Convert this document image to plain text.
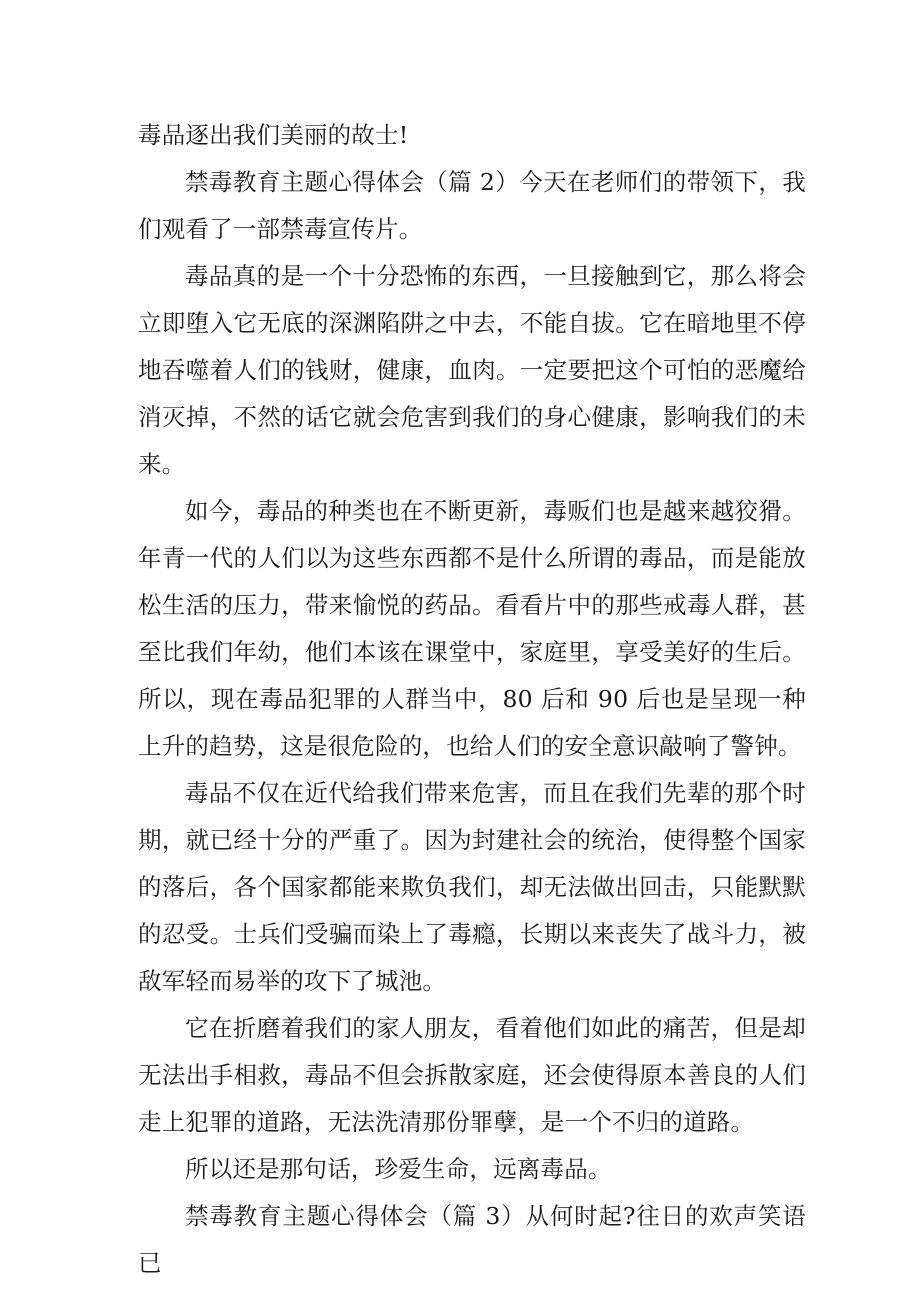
毒品逐出我们美丽的故士!

禁毒教育主题心得体会（篇 2）今天在老师们的带领下，我们观看了一部禁毒宣传片。

毒品真的是一个十分恐怖的东西，一旦接触到它，那么将会立即堕入它无底的深渊陷阱之中去，不能自拔。它在暗地里不停地吞噬着人们的钱财，健康，血肉。一定要把这个可怕的恶魔给消灭掉，不然的话它就会危害到我们的身心健康，影响我们的未来。

如今，毒品的种类也在不断更新，毒贩们也是越来越狡猾。年青一代的人们以为这些东西都不是什么所谓的毒品，而是能放松生活的压力，带来愉悦的药品。看看片中的那些戒毒人群，甚至比我们年幼，他们本该在课堂中，家庭里，享受美好的生后。所以，现在毒品犯罪的人群当中，80 后和 90 后也是呈现一种上升的趋势，这是很危险的，也给人们的安全意识敲响了警钟。

毒品不仅在近代给我们带来危害，而且在我们先辈的那个时期，就已经十分的严重了。因为封建社会的统治，使得整个国家的落后，各个国家都能来欺负我们，却无法做出回击，只能默默的忍受。士兵们受骗而染上了毒瘾，长期以来丧失了战斗力，被敌军轻而易举的攻下了城池。

它在折磨着我们的家人朋友，看着他们如此的痛苦，但是却无法出手相救，毒品不但会拆散家庭，还会使得原本善良的人们走上犯罪的道路，无法洗清那份罪孽，是一个不归的道路。

所以还是那句话，珍爱生命，远离毒品。

禁毒教育主题心得体会（篇 3）从何时起?往日的欢声笑语已
